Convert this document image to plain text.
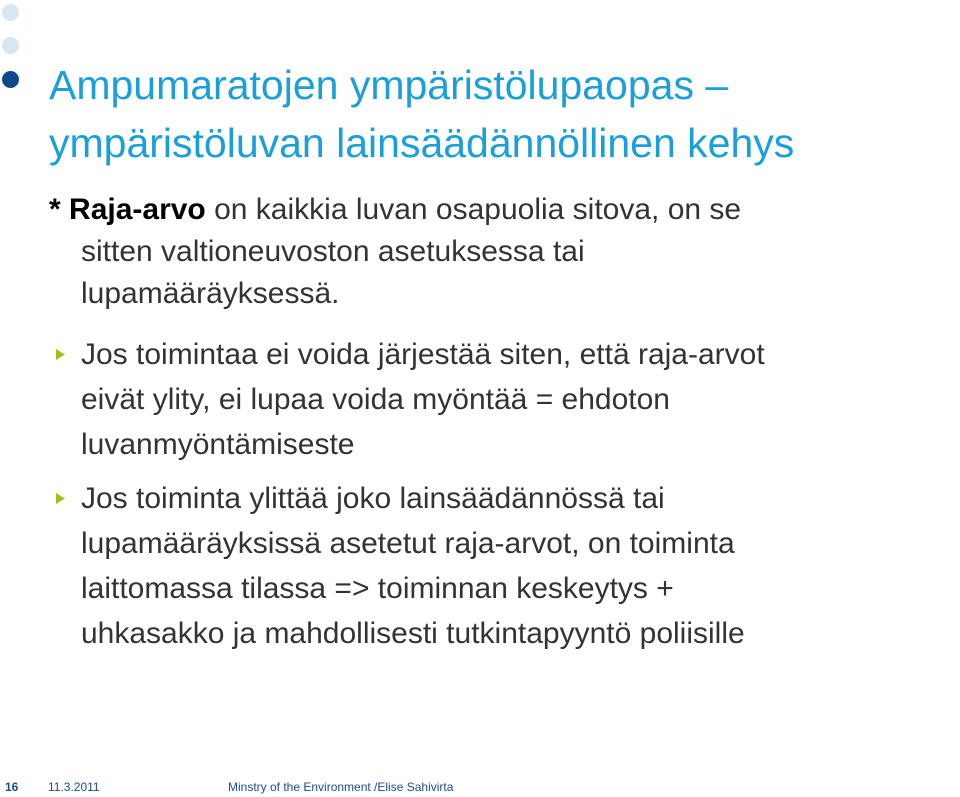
Ampumaratojen ympäristölupaopas –
ympäristöluvan lainsäädännöllinen kehys
* Raja-arvo on kaikkia luvan osapuolia sitova, on se
sitten valtioneuvoston asetuksessa tai
lupamääräyksessä.
Jos toimintaa ei voida järjestää siten, että raja-arvot
eivät ylity, ei lupaa voida myöntää = ehdoton
luvanmyöntämiseste
Jos toiminta ylittää joko lainsäädännössä tai
lupamääräyksissä asetetut raja-arvot, on toiminta
laittomassa tilassa => toiminnan keskeytys +
uhkasakko ja mahdollisesti tutkintapyyntö poliisille
16 11.3.2011	Minstry of the Environment /Elise Sahivirta
